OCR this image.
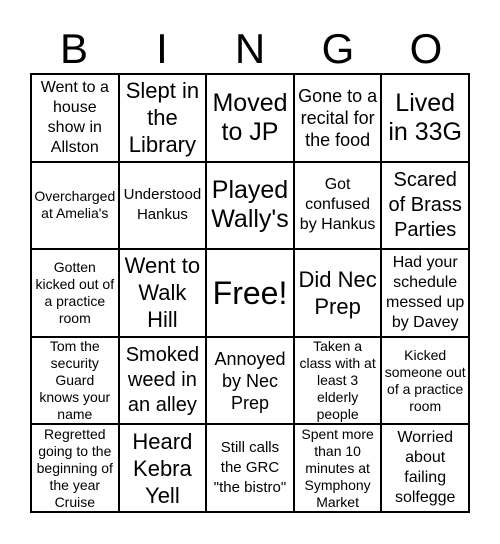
B	I	N	G	O
Went to a house show in Allston
Slept in the Library
Moved to JP
Gone to a recital for the food
Lived in 33G
Overcharged at Amelia's
Understood Hankus
Played Wally's
Got confused by Hankus
Scared of Brass Parties
Gotten kicked out of a practice room
Went to Walk Hill
Free! Did Nec Prep
Had your schedule messed up by Davey
Tom the security Guard knows your name
Smoked weed in an alley
Annoyed by Nec Prep
Taken a class with at least 3 elderly people
Kicked someone out of a practice room
Regretted going to the beginning of the year Cruise
Heard Kebra Yell
Still calls the GRC "the bistro"
Spent more than 10 minutes at Symphony Market
Worried about failing solfegge
